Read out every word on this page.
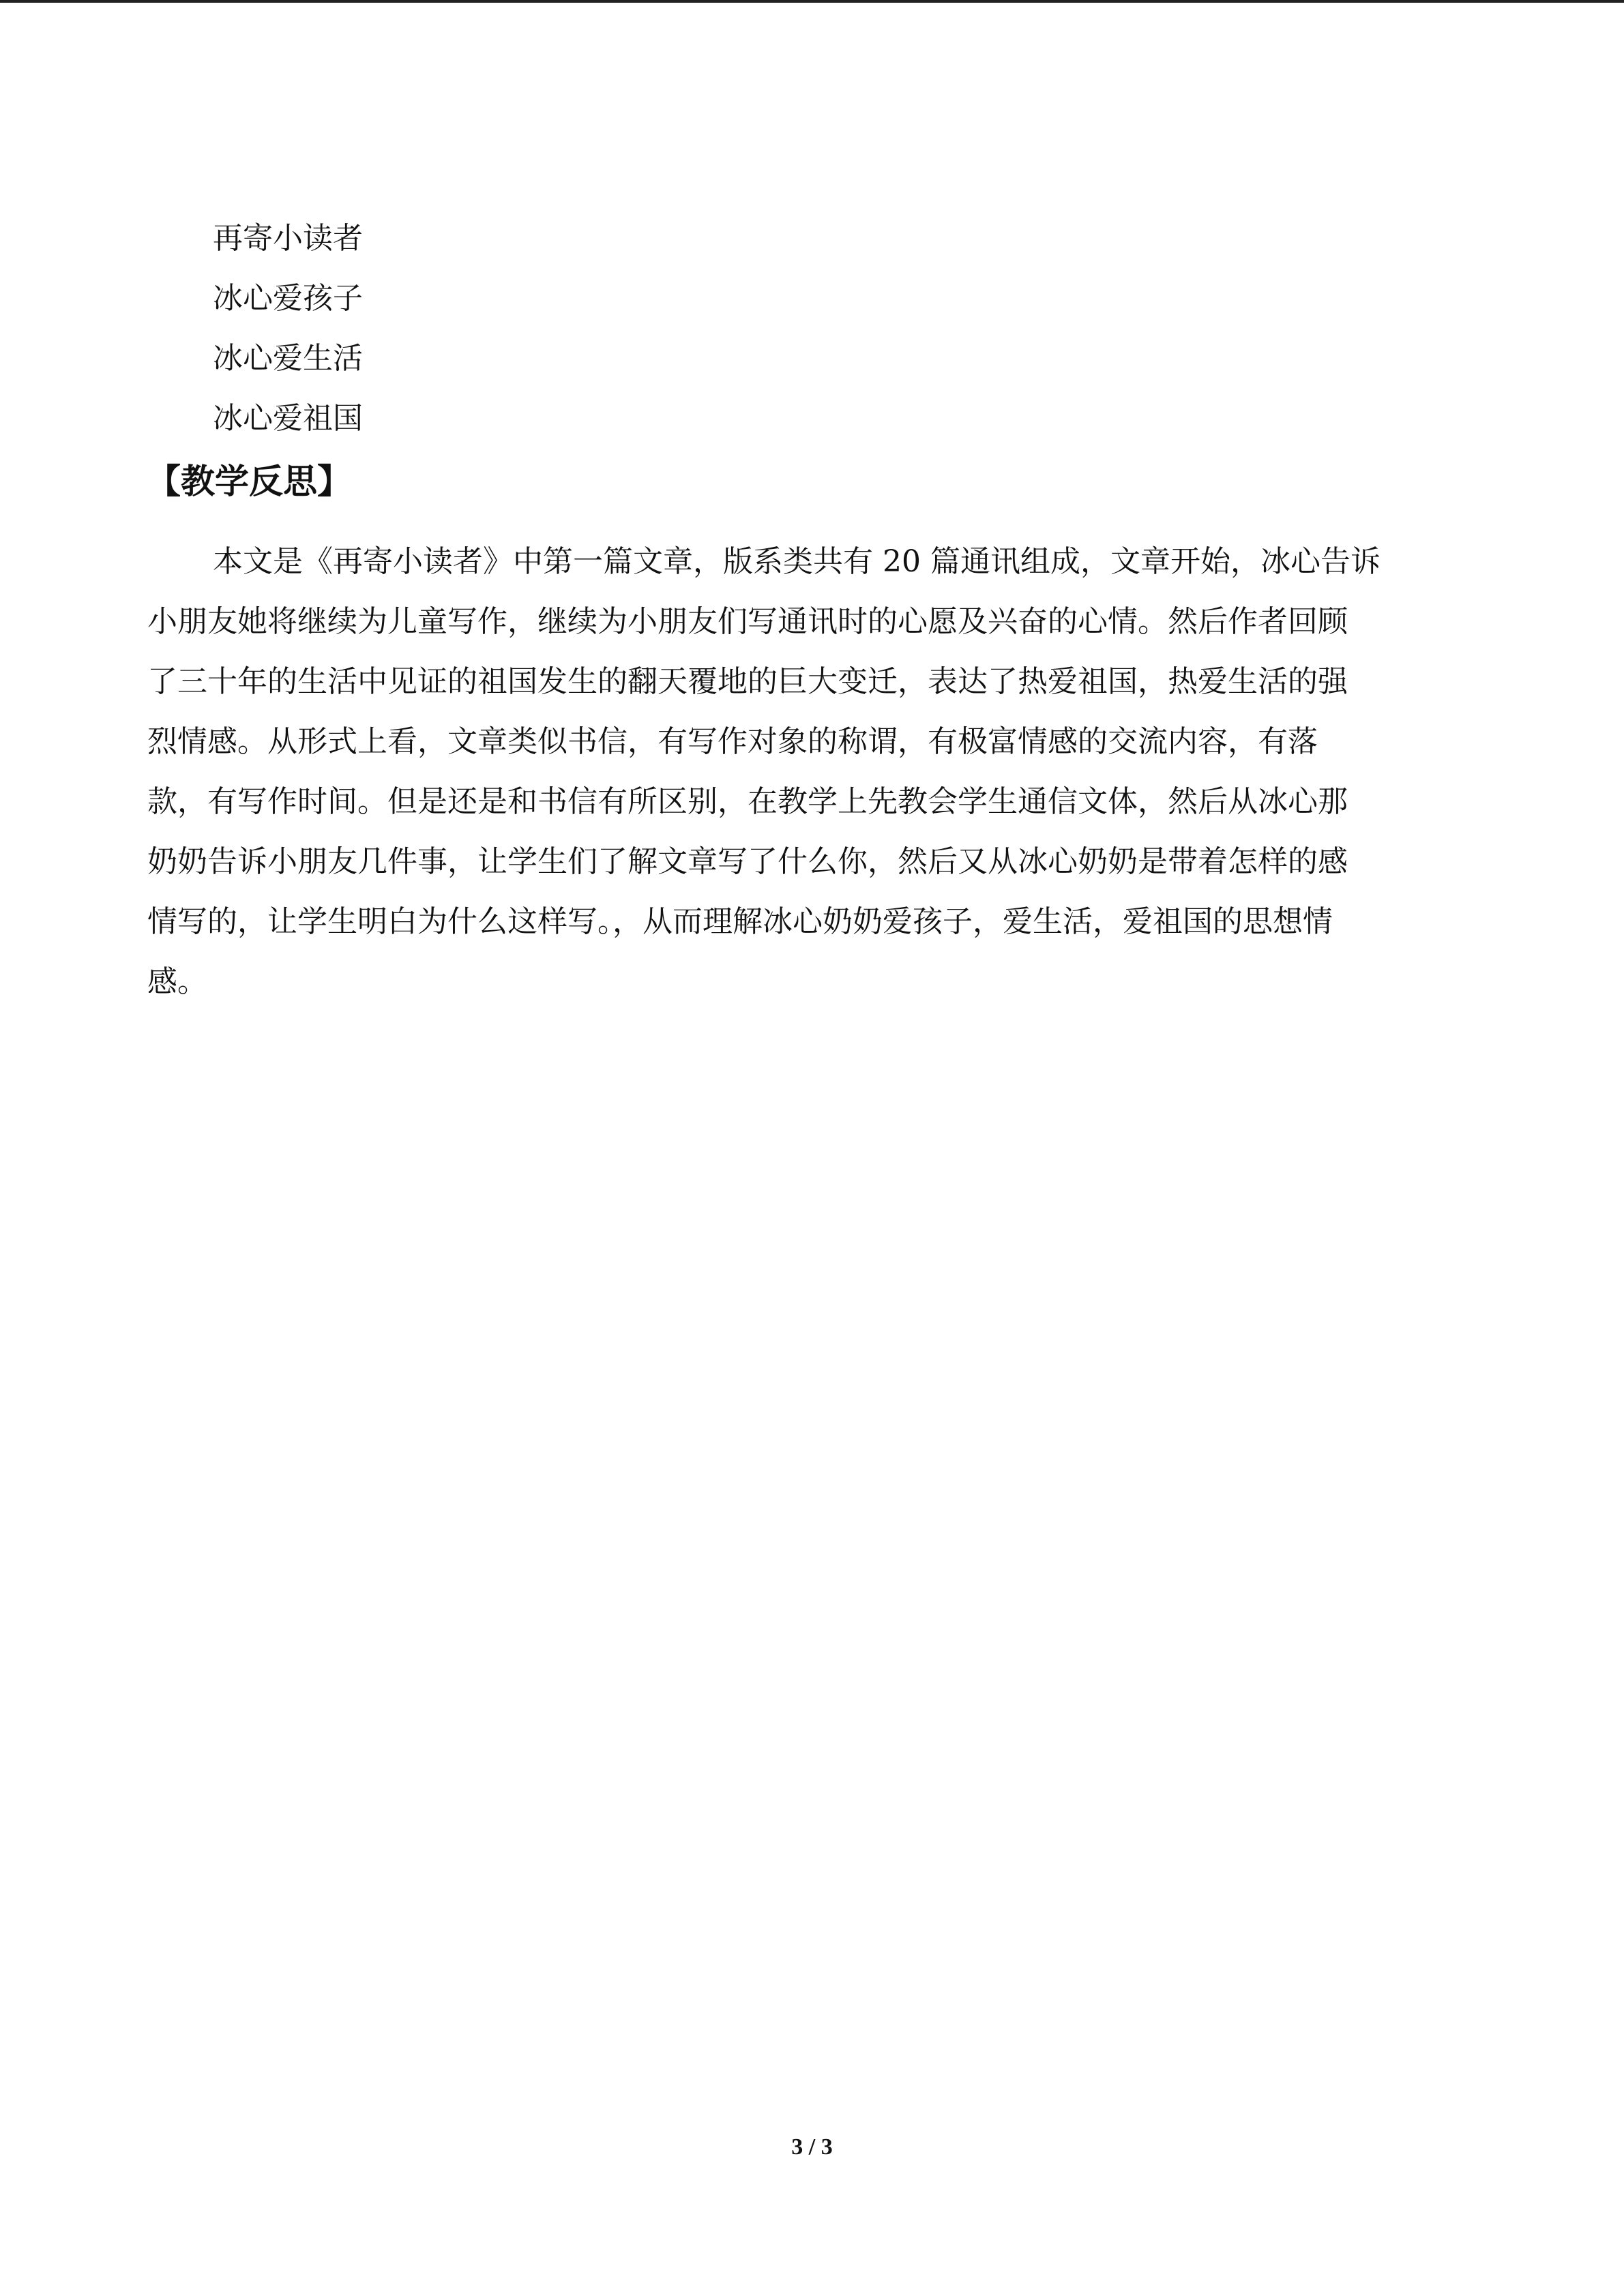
再寄小读者
冰心爱孩子
冰心爱生活
冰心爱祖国
【教学反思】
本文是《再寄小读者》中第一篇文章，版系类共有 20 篇通讯组成，文章开始，冰心告诉
小朋友她将继续为儿童写作，继续为小朋友们写通讯时的心愿及兴奋的心情。然后作者回顾
了三十年的生活中见证的祖国发生的翻天覆地的巨大变迁，表达了热爱祖国，热爱生活的强
烈情感。从形式上看，文章类似书信，有写作对象的称谓，有极富情感的交流内容，有落
款，有写作时间。但是还是和书信有所区别，在教学上先教会学生通信文体，然后从冰心那
奶奶告诉小朋友几件事，让学生们了解文章写了什么你，然后又从冰心奶奶是带着怎样的感
情写的，让学生明白为什么这样写。，从而理解冰心奶奶爱孩子，爱生活，爱祖国的思想情
感。
3 / 3
